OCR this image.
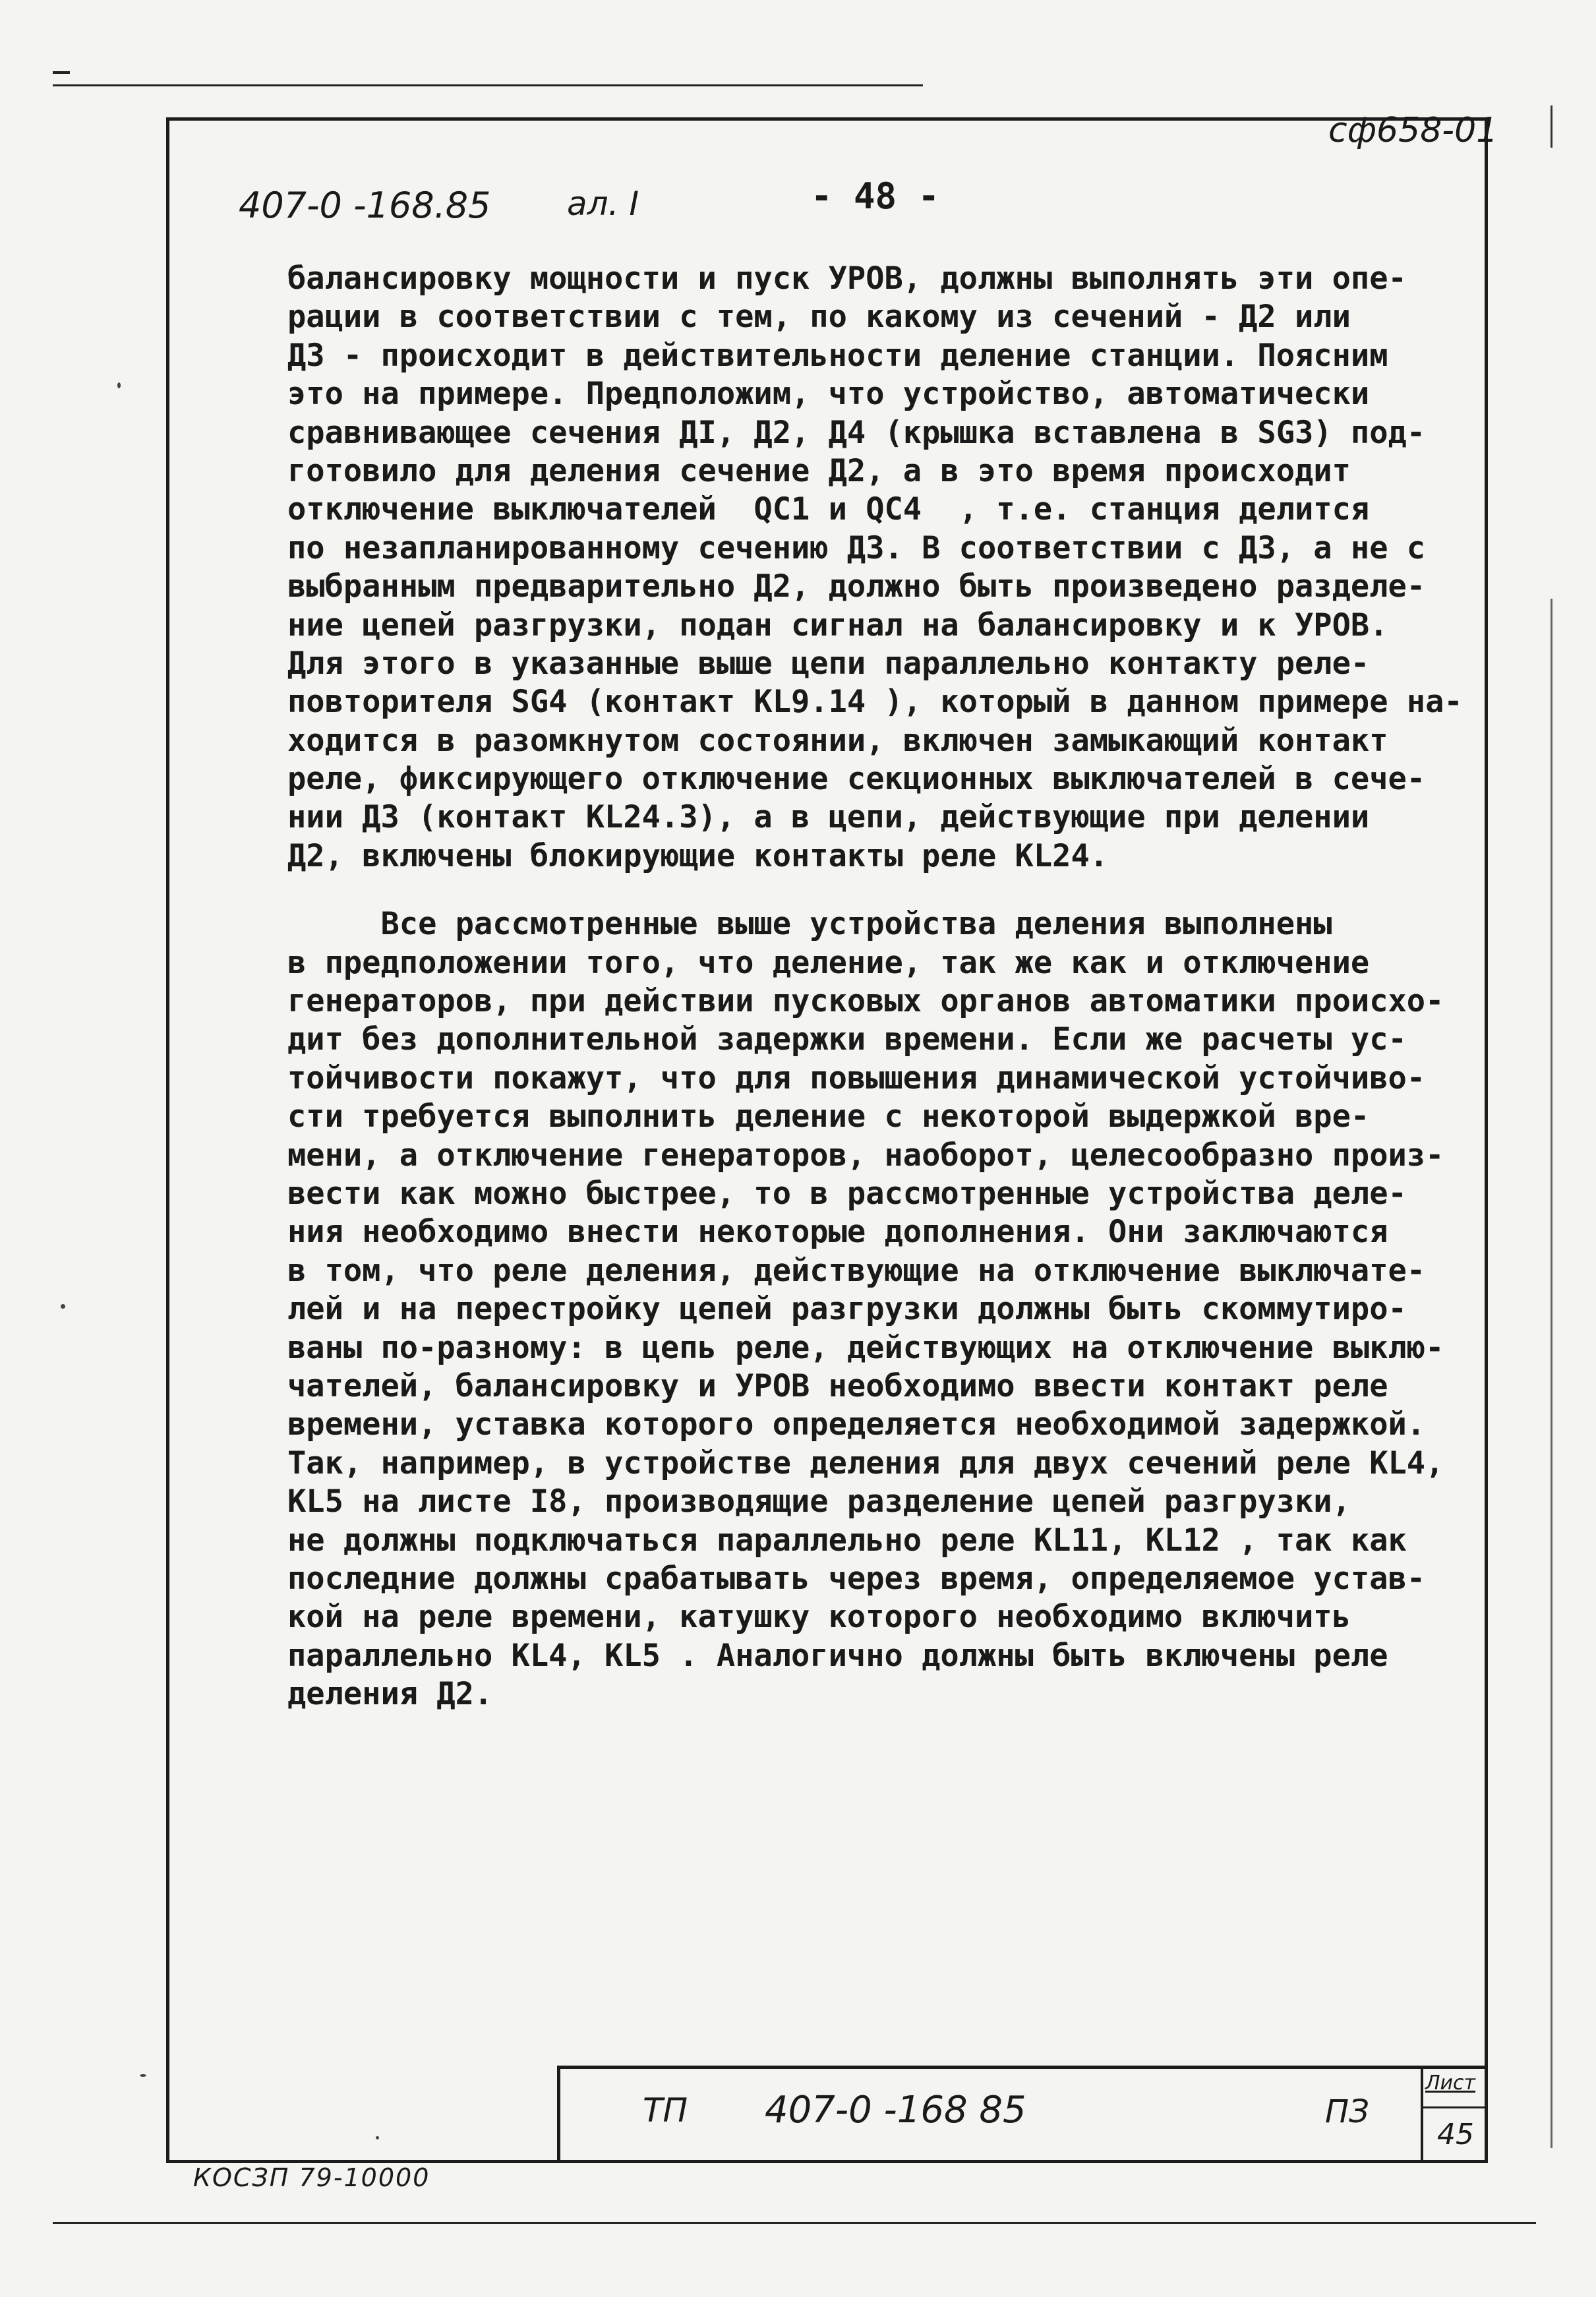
сф658-01
407-0 -168.85 ал. I	- 48 -
балансировку мощности и пуск УРОВ, должны выполнять эти опе-
рации в соответствии с тем, по какому из сечений - Д2 или
Д3 - происходит в действительности деление станции. Поясним
это на примере. Предположим, что устройство, автоматически
сравнивающее сечения ДI, Д2, Д4 (крышка вставлена в SG3) под-
готовило для деления сечение Д2, а в это время происходит
отключение выключателей  QC1 и QC4  , т.е. станция делится
по незапланированному сечению Д3. В соответствии с Д3, а не с
выбранным предварительно Д2, должно быть произведено разделе-
ние цепей разгрузки, подан сигнал на балансировку и к УРОВ.
Для этого в указанные выше цепи параллельно контакту реле-
повторителя SG4 (контакт KL9.14 ), который в данном примере на-
ходится в разомкнутом состоянии, включен замыкающий контакт
реле, фиксирующего отключение секционных выключателей в сече-
нии Д3 (контакт KL24.3), а в цепи, действующие при делении
Д2, включены блокирующие контакты реле KL24.
Все рассмотренные выше устройства деления выполнены
в предположении того, что деление, так же как и отключение
генераторов, при действии пусковых органов автоматики происхо-
дит без дополнительной задержки времени. Если же расчеты ус-
тойчивости покажут, что для повышения динамической устойчиво-
сти требуется выполнить деление с некоторой выдержкой вре-
мени, а отключение генераторов, наоборот, целесообразно произ-
вести как можно быстрее, то в рассмотренные устройства деле-
ния необходимо внести некоторые дополнения. Они заключаются
в том, что реле деления, действующие на отключение выключате-
лей и на перестройку цепей разгрузки должны быть скоммутиро-
ваны по-разному: в цепь реле, действующих на отключение выклю-
чателей, балансировку и УРОВ необходимо ввести контакт реле
времени, уставка которого определяется необходимой задержкой.
Так, например, в устройстве деления для двух сечений реле KL4,
KL5 на листе I8, производящие разделение цепей разгрузки,
не должны подключаться параллельно реле KL11, KL12 , так как
последние должны срабатывать через время, определяемое устав-
кой на реле времени, катушку которого необходимо включить
параллельно KL4, KL5 . Аналогично должны быть включены реле
деления Д2.
ТП 407-0 -168 85	ПЗ
Лист
45
КОСЗП 79-10000
